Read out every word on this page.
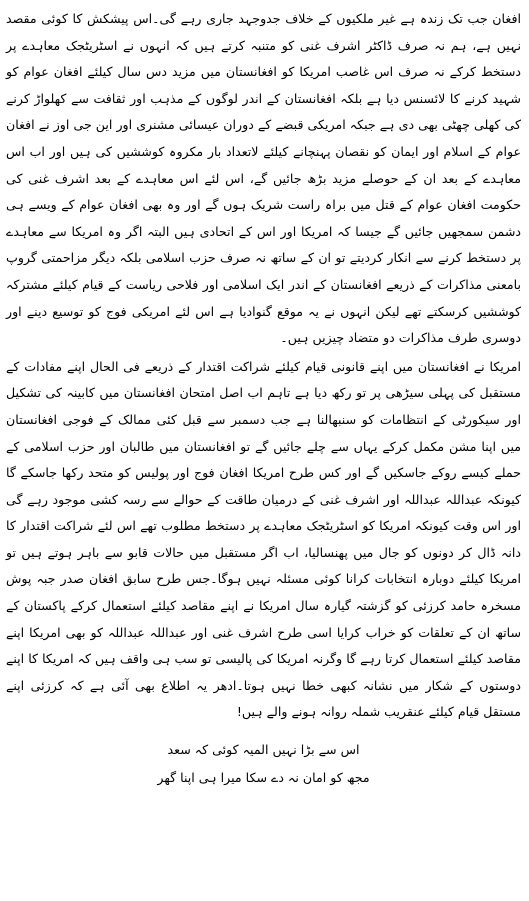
افغان جب تک زندہ ہے غیر ملکیوں کے خلاف جدوجہد جاری رہے گی۔اس پیشکش کا کوئی مقصد نہیں ہے، ہم نہ صرف ڈاکٹر اشرف غنی کو متنبہ کرتے ہیں کہ انہوں نے اسٹریٹجک معاہدے پر دستخط کرکے نہ صرف اس غاصب امریکا کو افغانستان میں مزید دس سال کیلئے افغان عوام کو شہید کرنے کا لائسنس دیا ہے بلکہ افغانستان کے اندر لوگوں کے مذہب اور ثقافت سے کھلواڑ کرنے کی کھلی چھٹی بھی دی ہے جبکہ امریکی قبضے کے دوران عیسائی مشنری اور این جی اوز نے افغان عوام کے اسلام اور ایمان کو نقصان پہنچانے کیلئے لاتعداد بار مکروہ کوششیں کی ہیں اور اب اس معاہدے کے بعد ان کے حوصلے مزید بڑھ جائیں گے، اس لئے اس معاہدے کے بعد اشرف غنی کی حکومت افغان عوام کے قتل میں براہ راست شریک ہوں گے اور وہ بھی افغان عوام کے ویسے ہی دشمن سمجھیں جائیں گے جیسا کہ امریکا اور اس کے اتحادی ہیں البتہ اگر وہ امریکا سے معاہدے پر دستخط کرنے سے انکار کردیتے تو ان کے ساتھ نہ صرف حزب اسلامی بلکہ دیگر مزاحمتی گروپ بامعنی مذاکرات کے ذریعے افغانستان کے اندر ایک اسلامی اور فلاحی ریاست کے قیام کیلئے مشترکہ کوششیں کرسکتے تھے لیکن انہوں نے یہ موقع گنوادیا ہے اس لئے امریکی فوج کو توسیع دینے اور دوسری طرف مذاکرات دو متضاد چیزیں ہیں۔

امریکا نے افغانستان میں اپنے قانونی قیام کیلئے شراکت اقتدار کے ذریعے فی الحال اپنے مفادات کے مستقبل کی پہلی سیڑھی پر تو رکھ دیا ہے تاہم اب اصل امتحان افغانستان میں کابینہ کی تشکیل اور سیکورٹی کے انتظامات کو سنبھالنا ہے جب دسمبر سے قبل کئی ممالک کے فوجی افغانستان میں اپنا مشن مکمل کرکے یہاں سے چلے جائیں گے تو افغانستان میں طالبان اور حزب اسلامی کے حملے کیسے روکے جاسکیں گے اور کس طرح امریکا افغان فوج اور پولیس کو متحد رکھا جاسکے گا کیونکہ عبداللہ عبداللہ اور اشرف غنی کے درمیان طاقت کے حوالے سے رسہ کشی موجود رہے گی اور اس وقت کیونکہ امریکا کو اسٹریٹجک معاہدے پر دستخط مطلوب تھے اس لئے شراکت اقتدار کا دانہ ڈال کر دونوں کو جال میں پھنسالیا، اب اگر مستقبل میں حالات قابو سے باہر ہوتے ہیں تو امریکا کیلئے دوبارہ انتخابات کرانا کوئی مسئلہ نہیں ہوگا۔جس طرح سابق افغان صدر جبہ پوش مسخرہ حامد کرزئی کو گزشتہ گیارہ سال امریکا نے اپنے مقاصد کیلئے استعمال کرکے پاکستان کے ساتھ ان کے تعلقات کو خراب کرایا اسی طرح اشرف غنی اور عبداللہ عبداللہ کو بھی امریکا اپنے مقاصد کیلئے استعمال کرتا رہے گا وگرنہ امریکا کی پالیسی تو سب ہی واقف ہیں کہ امریکا کا اپنے دوستوں کے شکار میں نشانہ کبھی خطا نہیں ہوتا۔ادھر یہ اطلاع بھی آئی ہے کہ کرزئی اپنے مستقل قیام کیلئے عنقریب شملہ روانہ ہونے والے ہیں!

اس سے بڑا نہیں المیہ کوئی کہ سعد
مجھ کو امان نہ دے سکا میرا ہی اپنا گھر
